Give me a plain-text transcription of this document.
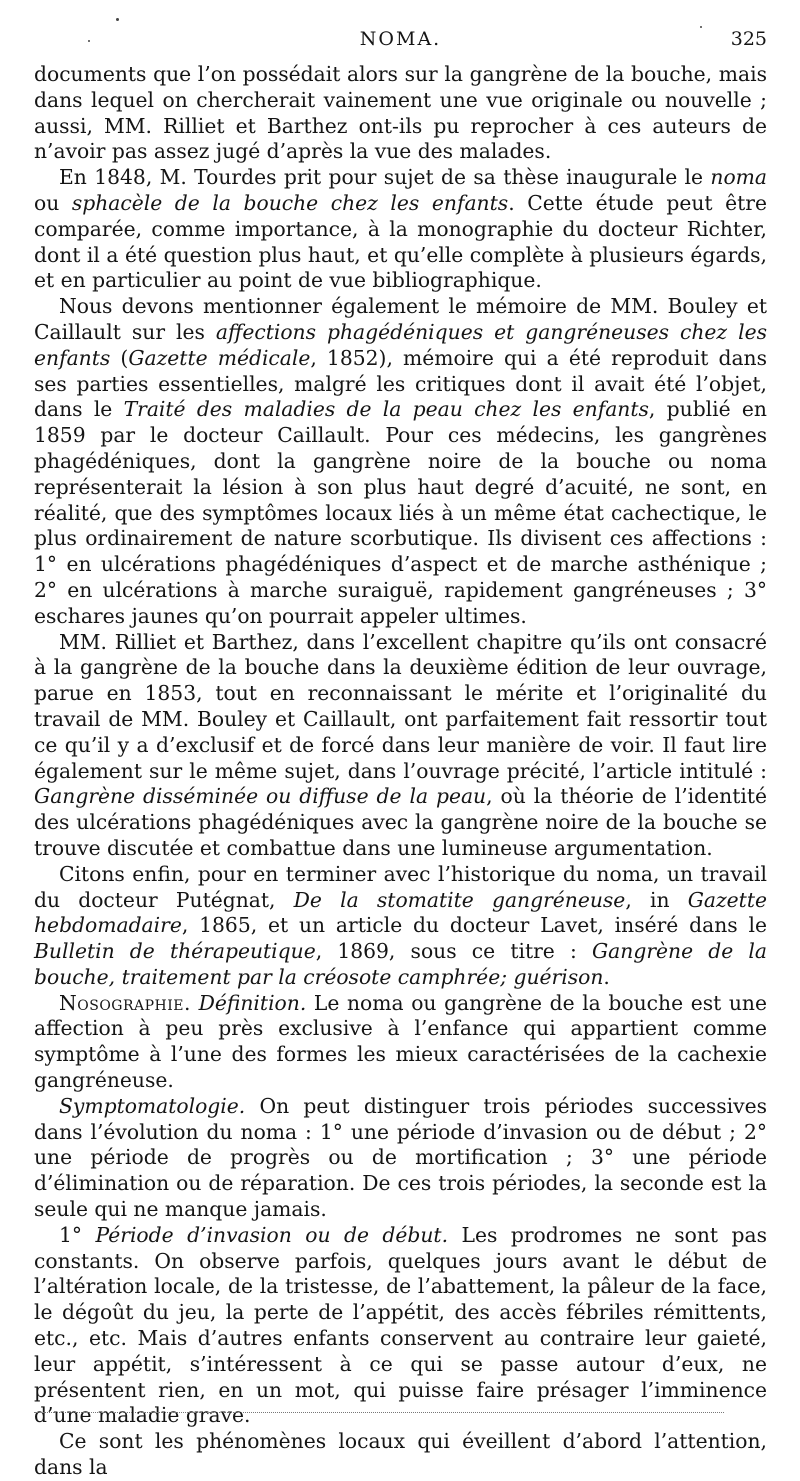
NOMA.	325

documents que l’on possédait alors sur la gangrène de la bouche, mais dans lequel on chercherait vainement une vue originale ou nouvelle ; aussi, MM. Rilliet et Barthez ont-ils pu reprocher à ces auteurs de n’avoir pas assez jugé d’après la vue des malades.

En 1848, M. Tourdes prit pour sujet de sa thèse inaugurale le noma ou sphacèle de la bouche chez les enfants. Cette étude peut être comparée, comme importance, à la monographie du docteur Richter, dont il a été question plus haut, et qu’elle complète à plusieurs égards, et en particulier au point de vue bibliographique.

Nous devons mentionner également le mémoire de MM. Bouley et Caillault sur les affections phagédéniques et gangréneuses chez les enfants (Gazette médicale, 1852), mémoire qui a été reproduit dans ses parties essentielles, malgré les critiques dont il avait été l’objet, dans le Traité des maladies de la peau chez les enfants, publié en 1859 par le docteur Caillault. Pour ces médecins, les gangrènes phagédéniques, dont la gangrène noire de la bouche ou noma représenterait la lésion à son plus haut degré d’acuité, ne sont, en réalité, que des symptômes locaux liés à un même état cachectique, le plus ordinairement de nature scorbutique. Ils divisent ces affections : 1° en ulcérations phagédéniques d’aspect et de marche asthénique ; 2° en ulcérations à marche suraiguë, rapidement gangréneuses ; 3° eschares jaunes qu’on pourrait appeler ultimes.

MM. Rilliet et Barthez, dans l’excellent chapitre qu’ils ont consacré à la gangrène de la bouche dans la deuxième édition de leur ouvrage, parue en 1853, tout en reconnaissant le mérite et l’originalité du travail de MM. Bouley et Caillault, ont parfaitement fait ressortir tout ce qu’il y a d’exclusif et de forcé dans leur manière de voir. Il faut lire également sur le même sujet, dans l’ouvrage précité, l’article intitulé : Gangrène disséminée ou diffuse de la peau, où la théorie de l’identité des ulcérations phagédéniques avec la gangrène noire de la bouche se trouve discutée et combattue dans une lumineuse argumentation.

Citons enfin, pour en terminer avec l’historique du noma, un travail du docteur Putégnat, De la stomatite gangréneuse, in Gazette hebdomadaire, 1865, et un article du docteur Lavet, inséré dans le Bulletin de thérapeutique, 1869, sous ce titre : Gangrène de la bouche, traitement par la créosote camphrée; guérison.

Nosographie. Définition. Le noma ou gangrène de la bouche est une affection à peu près exclusive à l’enfance qui appartient comme symptôme à l’une des formes les mieux caractérisées de la cachexie gangréneuse.

Symptomatologie. On peut distinguer trois périodes successives dans l’évolution du noma : 1° une période d’invasion ou de début ; 2° une période de progrès ou de mortification ; 3° une période d’élimination ou de réparation. De ces trois périodes, la seconde est la seule qui ne manque jamais.

1° Période d’invasion ou de début. Les prodromes ne sont pas constants. On observe parfois, quelques jours avant le début de l’altération locale, de la tristesse, de l’abattement, la pâleur de la face, le dégoût du jeu, la perte de l’appétit, des accès fébriles rémittents, etc., etc. Mais d’autres enfants conservent au contraire leur gaieté, leur appétit, s’intéressent à ce qui se passe autour d’eux, ne présentent rien, en un mot, qui puisse faire présager l’imminence d’une maladie grave.

Ce sont les phénomènes locaux qui éveillent d’abord l’attention, dans la
